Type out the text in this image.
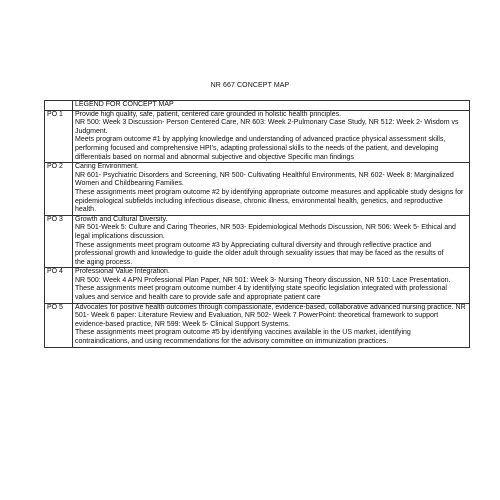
NR 667 CONCEPT MAP
	LEGEND FOR CONCEPT MAP
PO 1	Provide high quality, safe, patient, centered care grounded in holistic health principles.
NR 500: Week 3 Discussion- Person Centered Care, NR 603: Week 2-Pulmonary Case Study, NR 512: Week 2- Wisdom vs Judgment.
Meets program outcome #1 by applying knowledge and understanding of advanced practice physical assessment skills, performing focused and comprehensive HPI’s, adapting professional skills to the needs of the patient, and developing
differentials based on normal and abnormal subjective and objective Specific man findings

PO 2	Caring Environment.
NR 601- Psychiatric Disorders and Screening, NR 500- Cultivating Healthful Environments, NR 602- Week 8: Marginalized Women and Childbearing Families.
These assignments meet program outcome #2 by identifying appropriate outcome measures and applicable study designs for epidemiological subfields including infectious disease, chronic illness, environmental health, genetics, and reproductive
health.

PO 3	Growth and Cultural Diversity.
NR 501-Week 5: Culture and Caring Theories, NR 503- Epidemiological Methods Discussion, NR 506: Week 5- Ethical and legal implications discussion.
These assignments meet program outcome #3 by Appreciating cultural diversity and through reflective practice and professional growth and knowledge to guide the older adult through sexuality issues that may be faced as the results of
the aging process.

PO 4	Professional Value Integration.
NR 500: Week 4 APN Professional Plan Paper, NR 501: Week 3- Nursing Theory discussion, NR 510: Lace Presentation. These assignments meet program outcome number 4 by identifying state specific legislation integrated with professional
values and service and health care to provide safe and appropriate patient care

PO 5	Advocates for positive health outcomes through compassionate, evidence-based, collaborative advanced nursing practice. NR 501- Week 6 paper: Literature Review and Evaluation, NR 502- Week 7 PowerPoint: theoretical framework to support evidence-based practice, NR 599: Week 5- Clinical Support Systems.
These assignments meet program outcome #5 by identifying vaccines available in the US market, identifying contraindications, and using recommendations for the advisory committee on immunization practices.
